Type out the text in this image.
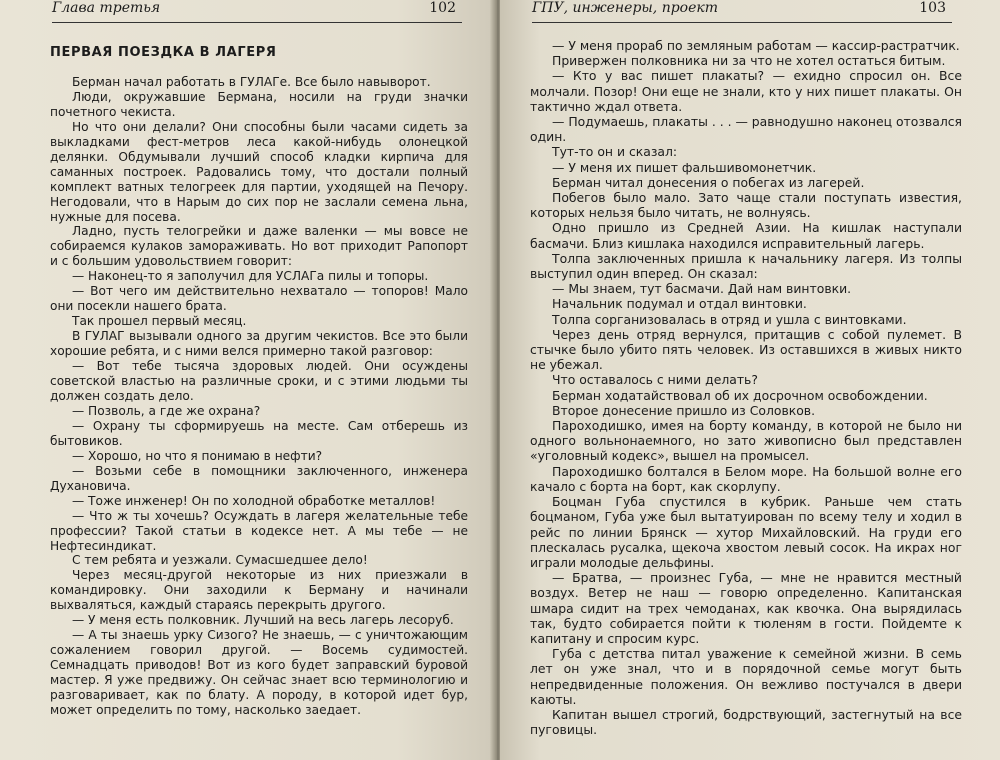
Глава третья	102
ПЕРВАЯ ПОЕЗДКА В ЛАГЕРЯ

Берман начал работать в ГУЛАГе. Все было навыворот.

Люди, окружавшие Бермана, носили на груди значки почетного чекиста.

Но что они делали? Они способны были часами сидеть за выкладками фест-метров леса какой-нибудь олонецкой делянки. Обдумывали лучший способ кладки кирпича для саманных построек. Радовались тому, что достали полный комплект ватных телогреек для партии, уходящей на Печору. Негодовали, что в Нарым до сих пор не заслали семена льна, нужные для посева.

Ладно, пусть телогрейки и даже валенки — мы вовсе не собираемся кулаков замораживать. Но вот приходит Рапопорт и с большим удовольствием говорит:

— Наконец-то я заполучил для УСЛАГа пилы и топоры.

— Вот чего им действительно нехватало — топоров! Мало они посекли нашего брата.

Так прошел первый месяц.

В ГУЛАГ вызывали одного за другим чекистов. Все это были хорошие ребята, и с ними велся примерно такой разговор:

— Вот тебе тысяча здоровых людей. Они осуждены советской властью на различные сроки, и с этими людьми ты должен создать дело.

— Позволь, а где же охрана?

— Охрану ты сформируешь на месте. Сам отберешь из бытовиков.

— Хорошо, но что я понимаю в нефти?

— Возьми себе в помощники заключенного, инженера Духановича.

— Тоже инженер! Он по холодной обработке металлов!

— Что ж ты хочешь? Осуждать в лагеря желательные тебе профессии? Такой статьи в кодексе нет. А мы тебе — не Нефтесиндикат.

С тем ребята и уезжали. Сумасшедшее дело!

Через месяц-другой некоторые из них приезжали в командировку. Они заходили к Берману и начинали выхваляться, каждый стараясь перекрыть другого.

— У меня есть полковник. Лучший на весь лагерь лесоруб.

— А ты знаешь урку Сизого? Не знаешь, — с уничтожающим сожалением говорил другой. — Восемь судимостей. Семнадцать приводов! Вот из кого будет заправский буровой мастер. Я уже предвижу. Он сейчас знает всю терминологию и разговаривает, как по блату. А породу, в которой идет бур, может определить по тому, насколько заедает.

ГПУ, инженеры, проект	103

— У меня прораб по земляным работам — кассир-растратчик.

Привержен полковника ни за что не хотел остаться битым.

— Кто у вас пишет плакаты? — ехидно спросил он. Все молчали. Позор! Они еще не знали, кто у них пишет плакаты. Он тактично ждал ответа.

— Подумаешь, плакаты . . . — равнодушно наконец отозвался один.

Тут-то он и сказал:

— У меня их пишет фальшивомонетчик.

Берман читал донесения о побегах из лагерей.

Побегов было мало. Зато чаще стали поступать известия, которых нельзя было читать, не волнуясь.

Одно пришло из Средней Азии. На кишлак наступали басмачи. Близ кишлака находился исправительный лагерь.

Толпа заключенных пришла к начальнику лагеря. Из толпы выступил один вперед. Он сказал:

— Мы знаем, тут басмачи. Дай нам винтовки.

Начальник подумал и отдал винтовки.

Толпа сорганизовалась в отряд и ушла с винтовками.

Через день отряд вернулся, притащив с собой пулемет. В стычке было убито пять человек. Из оставшихся в живых никто не убежал.

Что оставалось с ними делать?

Берман ходатайствовал об их досрочном освобождении.

Второе донесение пришло из Соловков.

Пароходишко, имея на борту команду, в которой не было ни одного вольнонаемного, но зато живописно был представлен «уголовный кодекс», вышел на промысел.

Пароходишко болтался в Белом море. На большой волне его качало с борта на борт, как скорлупу.

Боцман Губа спустился в кубрик. Раньше чем стать боцманом, Губа уже был вытатуирован по всему телу и ходил в рейс по линии Брянск — хутор Михайловский. На груди его плескалась русалка, щекоча хвостом левый сосок. На икрах ног играли молодые дельфины.

— Братва, — произнес Губа, — мне не нравится местный воздух. Ветер не наш — говорю определенно. Капитанская шмара сидит на трех чемоданах, как квочка. Она вырядилась так, будто собирается пойти к тюленям в гости. Пойдемте к капитану и спросим курс.

Губа с детства питал уважение к семейной жизни. В семь лет он уже знал, что и в порядочной семье могут быть непредвиденные положения. Он вежливо постучался в двери каюты.

Капитан вышел строгий, бодрствующий, застегнутый на все пуговицы.
